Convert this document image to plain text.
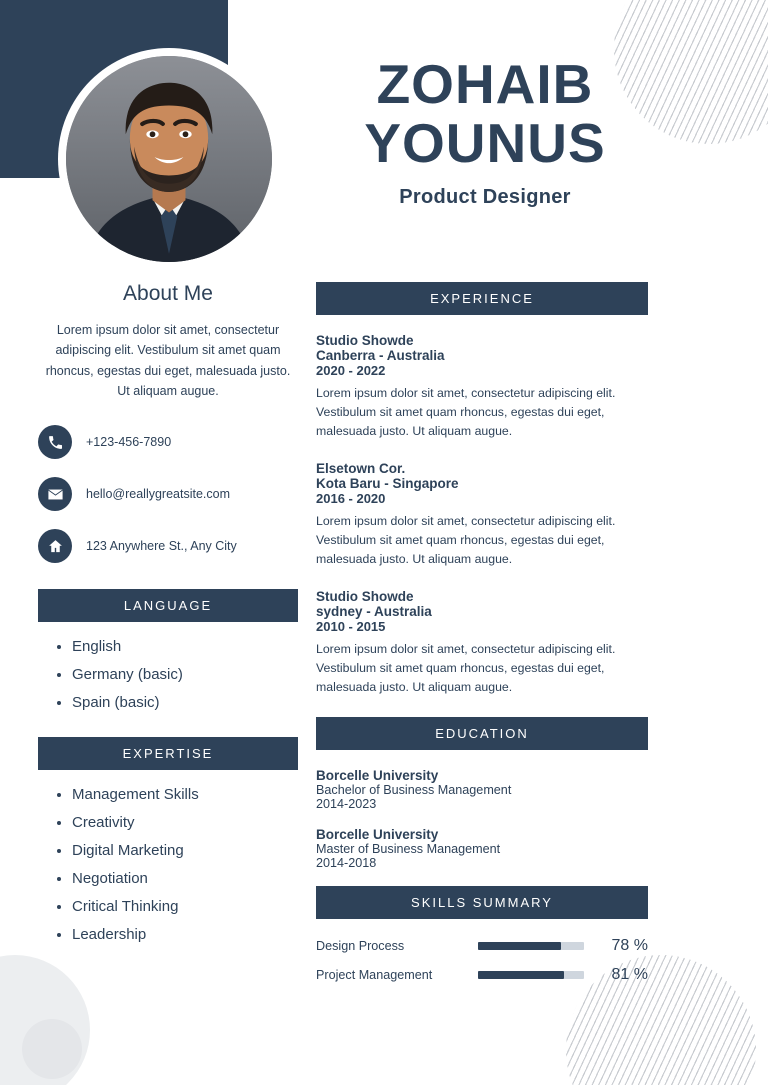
ZOHAIB
YOUNUS
Product Designer
About Me
Lorem ipsum dolor sit amet, consectetur adipiscing elit. Vestibulum sit amet quam rhoncus, egestas dui eget, malesuada justo. Ut aliquam augue.
+123-456-7890
hello@reallygreatsite.com
123 Anywhere St., Any City
LANGUAGE
• English
• Germany (basic)
• Spain (basic)
EXPERTISE
• Management Skills
• Creativity
• Digital Marketing
• Negotiation
• Critical Thinking
• Leadership
EXPERIENCE
Studio Showde
Canberra - Australia
2020 - 2022
Lorem ipsum dolor sit amet, consectetur adipiscing elit. Vestibulum sit amet quam rhoncus, egestas dui eget, malesuada justo. Ut aliquam augue.
Elsetown Cor.
Kota Baru - Singapore
2016 - 2020
Lorem ipsum dolor sit amet, consectetur adipiscing elit. Vestibulum sit amet quam rhoncus, egestas dui eget, malesuada justo. Ut aliquam augue.
Studio Showde
sydney - Australia
2010 - 2015
Lorem ipsum dolor sit amet, consectetur adipiscing elit. Vestibulum sit amet quam rhoncus, egestas dui eget, malesuada justo. Ut aliquam augue.
EDUCATION
Borcelle University
Bachelor of Business Management
2014-2023
Borcelle University
Master of Business Management
2014-2018
SKILLS SUMMARY
Design Process	78 %
Project Management	81 %
